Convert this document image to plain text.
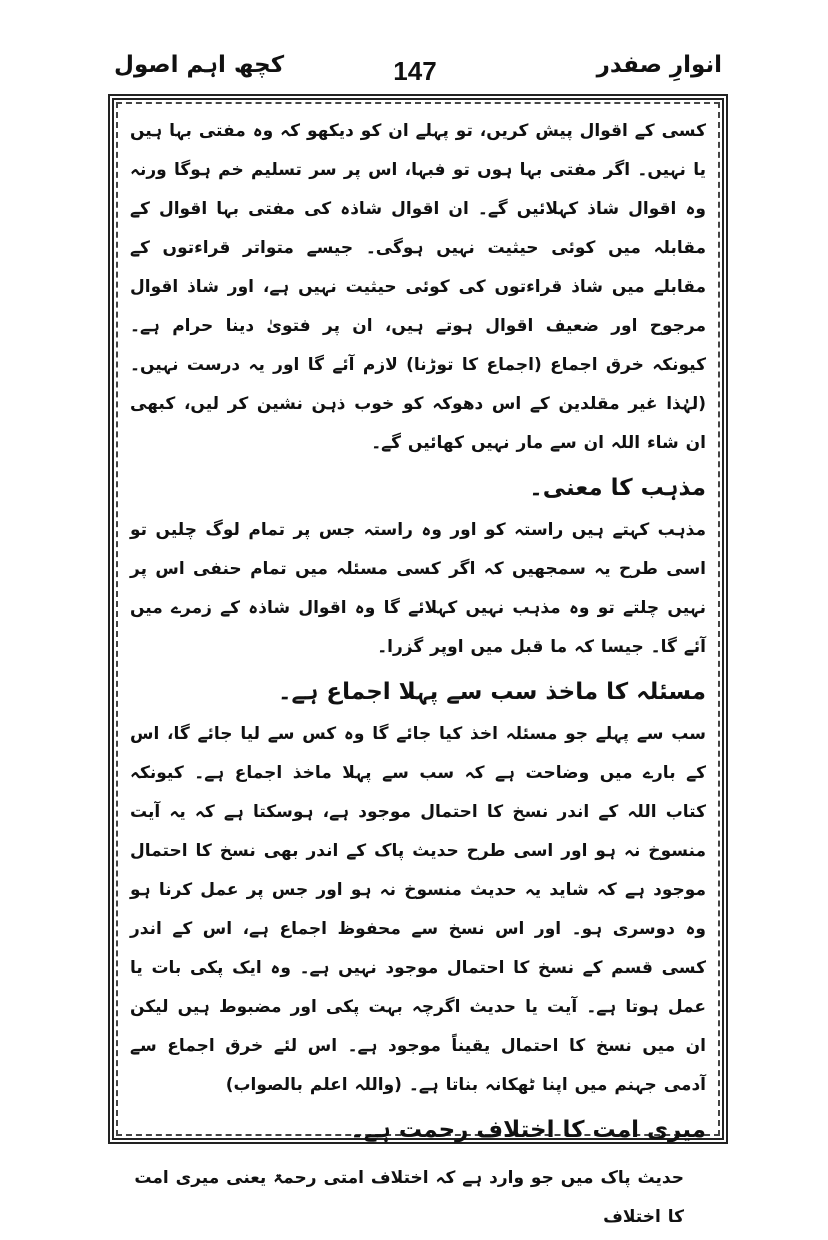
انوارِ صفدر
147
کچھ اہم اصول

کسی کے اقوال پیش کریں، تو پہلے ان کو دیکھو کہ وہ مفتی بہا ہیں یا نہیں۔ اگر مفتی بہا ہوں تو فبہا، اس پر سر تسلیم خم ہوگا ورنہ وہ اقوال شاذ کہلائیں گے۔ ان اقوال شاذہ کی مفتی بہا اقوال کے مقابلہ میں کوئی حیثیت نہیں ہوگی۔ جیسے متواتر قراءتوں کے مقابلے میں شاذ قراءتوں کی کوئی حیثیت نہیں ہے، اور شاذ اقوال مرجوح اور ضعیف اقوال ہوتے ہیں، ان پر فتویٰ دینا حرام ہے۔ کیونکہ خرق اجماع (اجماع کا توڑنا) لازم آئے گا اور یہ درست نہیں۔ (لہٰذا غیر مقلدین کے اس دھوکہ کو خوب ذہن نشین کر لیں، کبھی ان شاء اللہ ان سے مار نہیں کھائیں گے۔

مذہب کا معنی۔

مذہب کہتے ہیں راستہ کو اور وہ راستہ جس پر تمام لوگ چلیں تو اسی طرح یہ سمجھیں کہ اگر کسی مسئلہ میں تمام حنفی اس پر نہیں چلتے تو وہ مذہب نہیں کہلائے گا وہ اقوال شاذہ کے زمرے میں آئے گا۔ جیسا کہ ما قبل میں اوپر گزرا۔

مسئلہ کا ماخذ سب سے پہلا اجماع ہے۔

سب سے پہلے جو مسئلہ اخذ کیا جائے گا وہ کس سے لیا جائے گا، اس کے بارے میں وضاحت ہے کہ سب سے پہلا ماخذ اجماع ہے۔ کیونکہ کتاب اللہ کے اندر نسخ کا احتمال موجود ہے، ہوسکتا ہے کہ یہ آیت منسوخ نہ ہو اور اسی طرح حدیث پاک کے اندر بھی نسخ کا احتمال موجود ہے کہ شاید یہ حدیث منسوخ نہ ہو اور جس پر عمل کرنا ہو وہ دوسری ہو۔ اور اس نسخ سے محفوظ اجماع ہے، اس کے اندر کسی قسم کے نسخ کا احتمال موجود نہیں ہے۔ وہ ایک پکی بات یا عمل ہوتا ہے۔ آیت یا حدیث اگرچہ بہت پکی اور مضبوط ہیں لیکن ان میں نسخ کا احتمال یقیناً موجود ہے۔ اس لئے خرق اجماع سے آدمی جہنم میں اپنا ٹھکانہ بناتا ہے۔ (واللہ اعلم بالصواب)

میری امت کا اختلاف رحمت ہے۔

حدیث پاک میں جو وارد ہے کہ اختلاف امتی رحمۃ یعنی میری امت کا اختلاف
